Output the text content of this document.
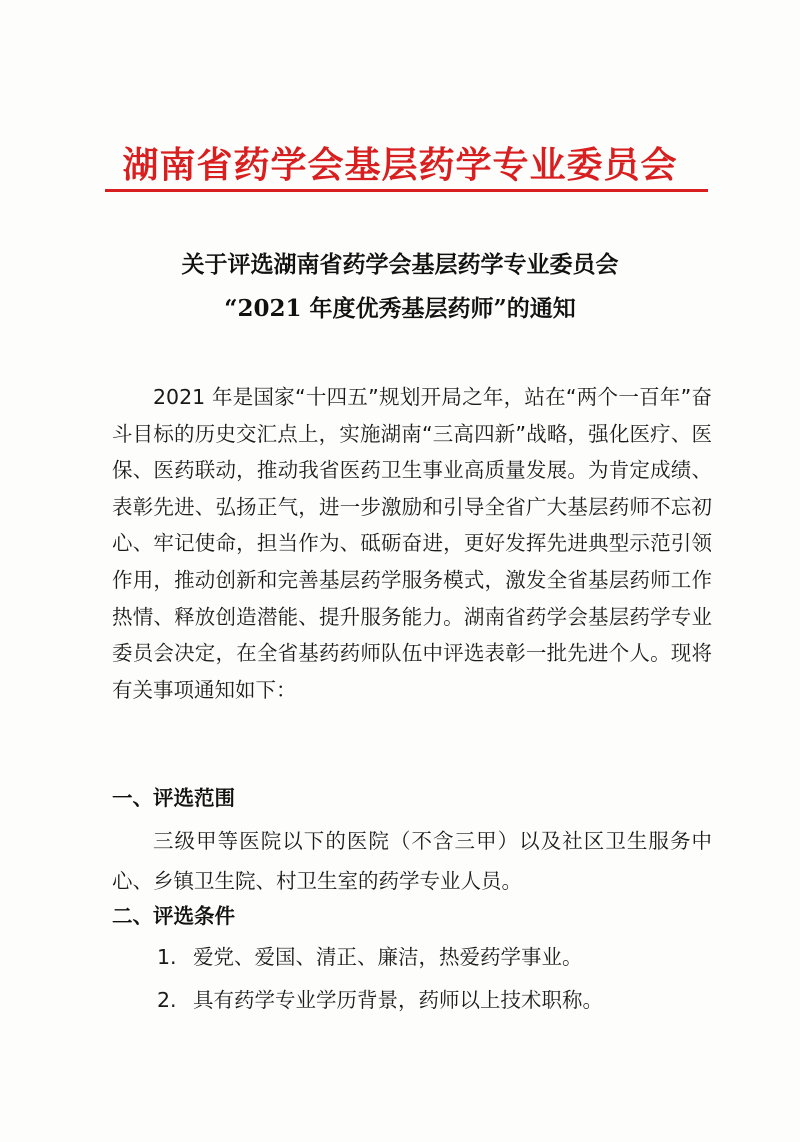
湖南省药学会基层药学专业委员会
关于评选湖南省药学会基层药学专业委员会
“2021 年度优秀基层药师”的通知

2021 年是国家“十四五”规划开局之年，站在“两个一百年”奋斗目标的历史交汇点上，实施湖南“三高四新”战略，强化医疗、医保、医药联动，推动我省医药卫生事业高质量发展。为肯定成绩、表彰先进、弘扬正气，进一步激励和引导全省广大基层药师不忘初心、牢记使命，担当作为、砥砺奋进，更好发挥先进典型示范引领作用，推动创新和完善基层药学服务模式，激发全省基层药师工作热情、释放创造潜能、提升服务能力。湖南省药学会基层药学专业委员会决定，在全省基药药师队伍中评选表彰一批先进个人。现将有关事项通知如下：

一、评选范围

三级甲等医院以下的医院（不含三甲）以及社区卫生服务中心、乡镇卫生院、村卫生室的药学专业人员。

二、评选条件

1. 爱党、爱国、清正、廉洁，热爱药学事业。

2. 具有药学专业学历背景，药师以上技术职称。
